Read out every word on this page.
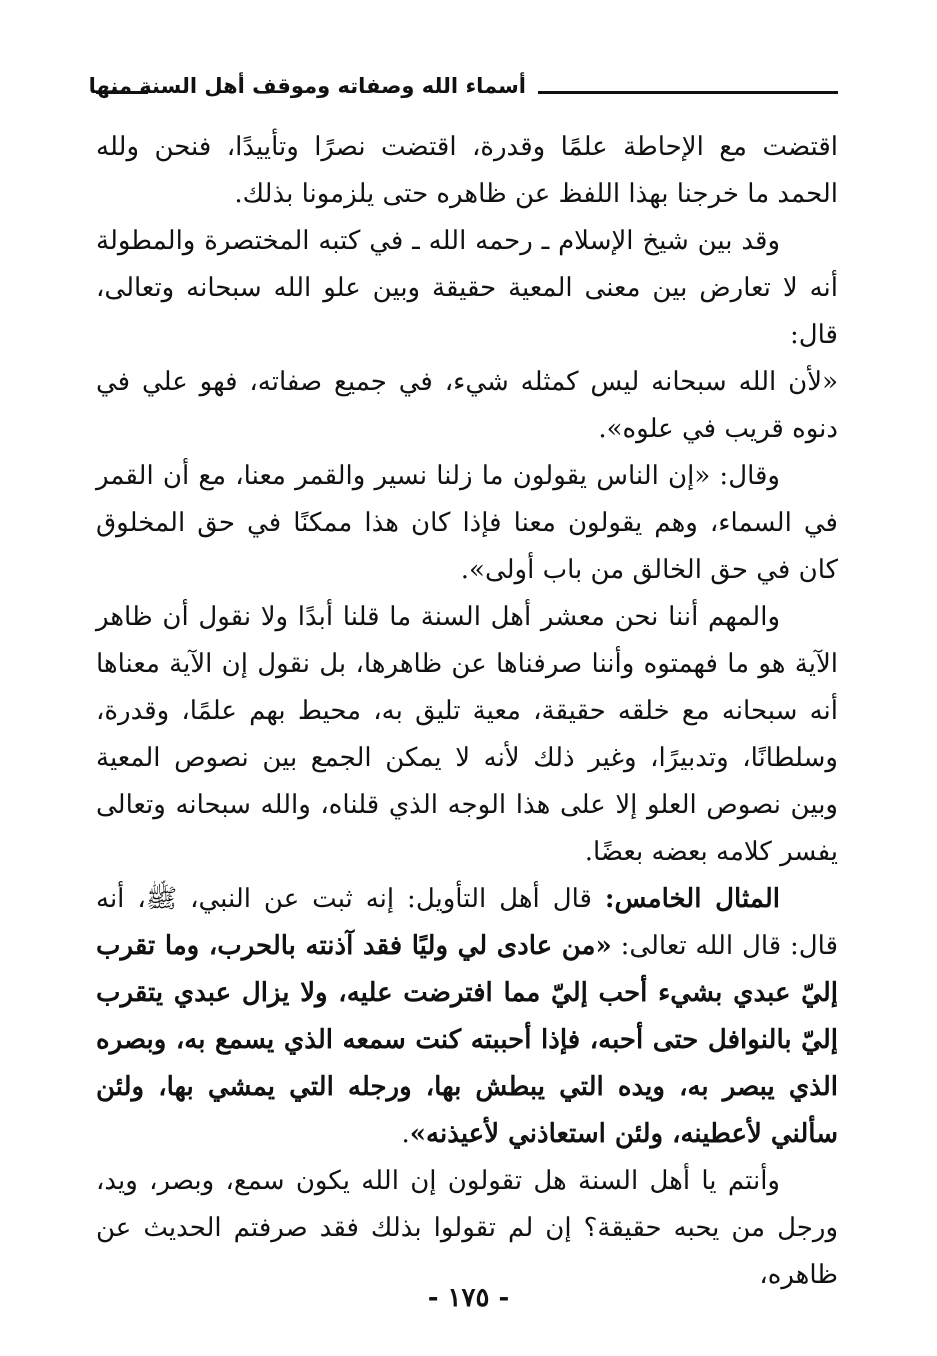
أسماء الله وصفاته وموقف أهل السنة منها

اقتضت مع الإحاطة علمًا وقدرة، اقتضت نصرًا وتأييدًا، فنحن ولله الحمد ما خرجنا بهذا اللفظ عن ظاهره حتى يلزمونا بذلك.

وقد بين شيخ الإسلام ـ رحمه الله ـ في كتبه المختصرة والمطولة أنه لا تعارض بين معنى المعية حقيقة وبين علو الله سبحانه وتعالى، قال:

«لأن الله سبحانه ليس كمثله شيء، في جميع صفاته، فهو علي في دنوه قريب في علوه».

وقال: «إن الناس يقولون ما زلنا نسير والقمر معنا، مع أن القمر في السماء، وهم يقولون معنا فإذا كان هذا ممكنًا في حق المخلوق كان في حق الخالق من باب أولى».

والمهم أننا نحن معشر أهل السنة ما قلنا أبدًا ولا نقول أن ظاهر الآية هو ما فهمتوه وأننا صرفناها عن ظاهرها، بل نقول إن الآية معناها أنه سبحانه مع خلقه حقيقة، معية تليق به، محيط بهم علمًا، وقدرة، وسلطانًا، وتدبيرًا، وغير ذلك لأنه لا يمكن الجمع بين نصوص المعية وبين نصوص العلو إلا على هذا الوجه الذي قلناه، والله سبحانه وتعالى يفسر كلامه بعضه بعضًا.

المثال الخامس: قال أهل التأويل: إنه ثبت عن النبي، ﷺ، أنه قال: قال الله تعالى: «من عادى لي وليًا فقد آذنته بالحرب، وما تقرب إليّ عبدي بشيء أحب إليّ مما افترضت عليه، ولا يزال عبدي يتقرب إليّ بالنوافل حتى أحبه، فإذا أحببته كنت سمعه الذي يسمع به، وبصره الذي يبصر به، ويده التي يبطش بها، ورجله التي يمشي بها، ولئن سألني لأعطينه، ولئن استعاذني لأعيذنه».

وأنتم يا أهل السنة هل تقولون إن الله يكون سمع، وبصر، ويد، ورجل من يحبه حقيقة؟ إن لم تقولوا بذلك فقد صرفتم الحديث عن ظاهره،

- ١٧٥ -
